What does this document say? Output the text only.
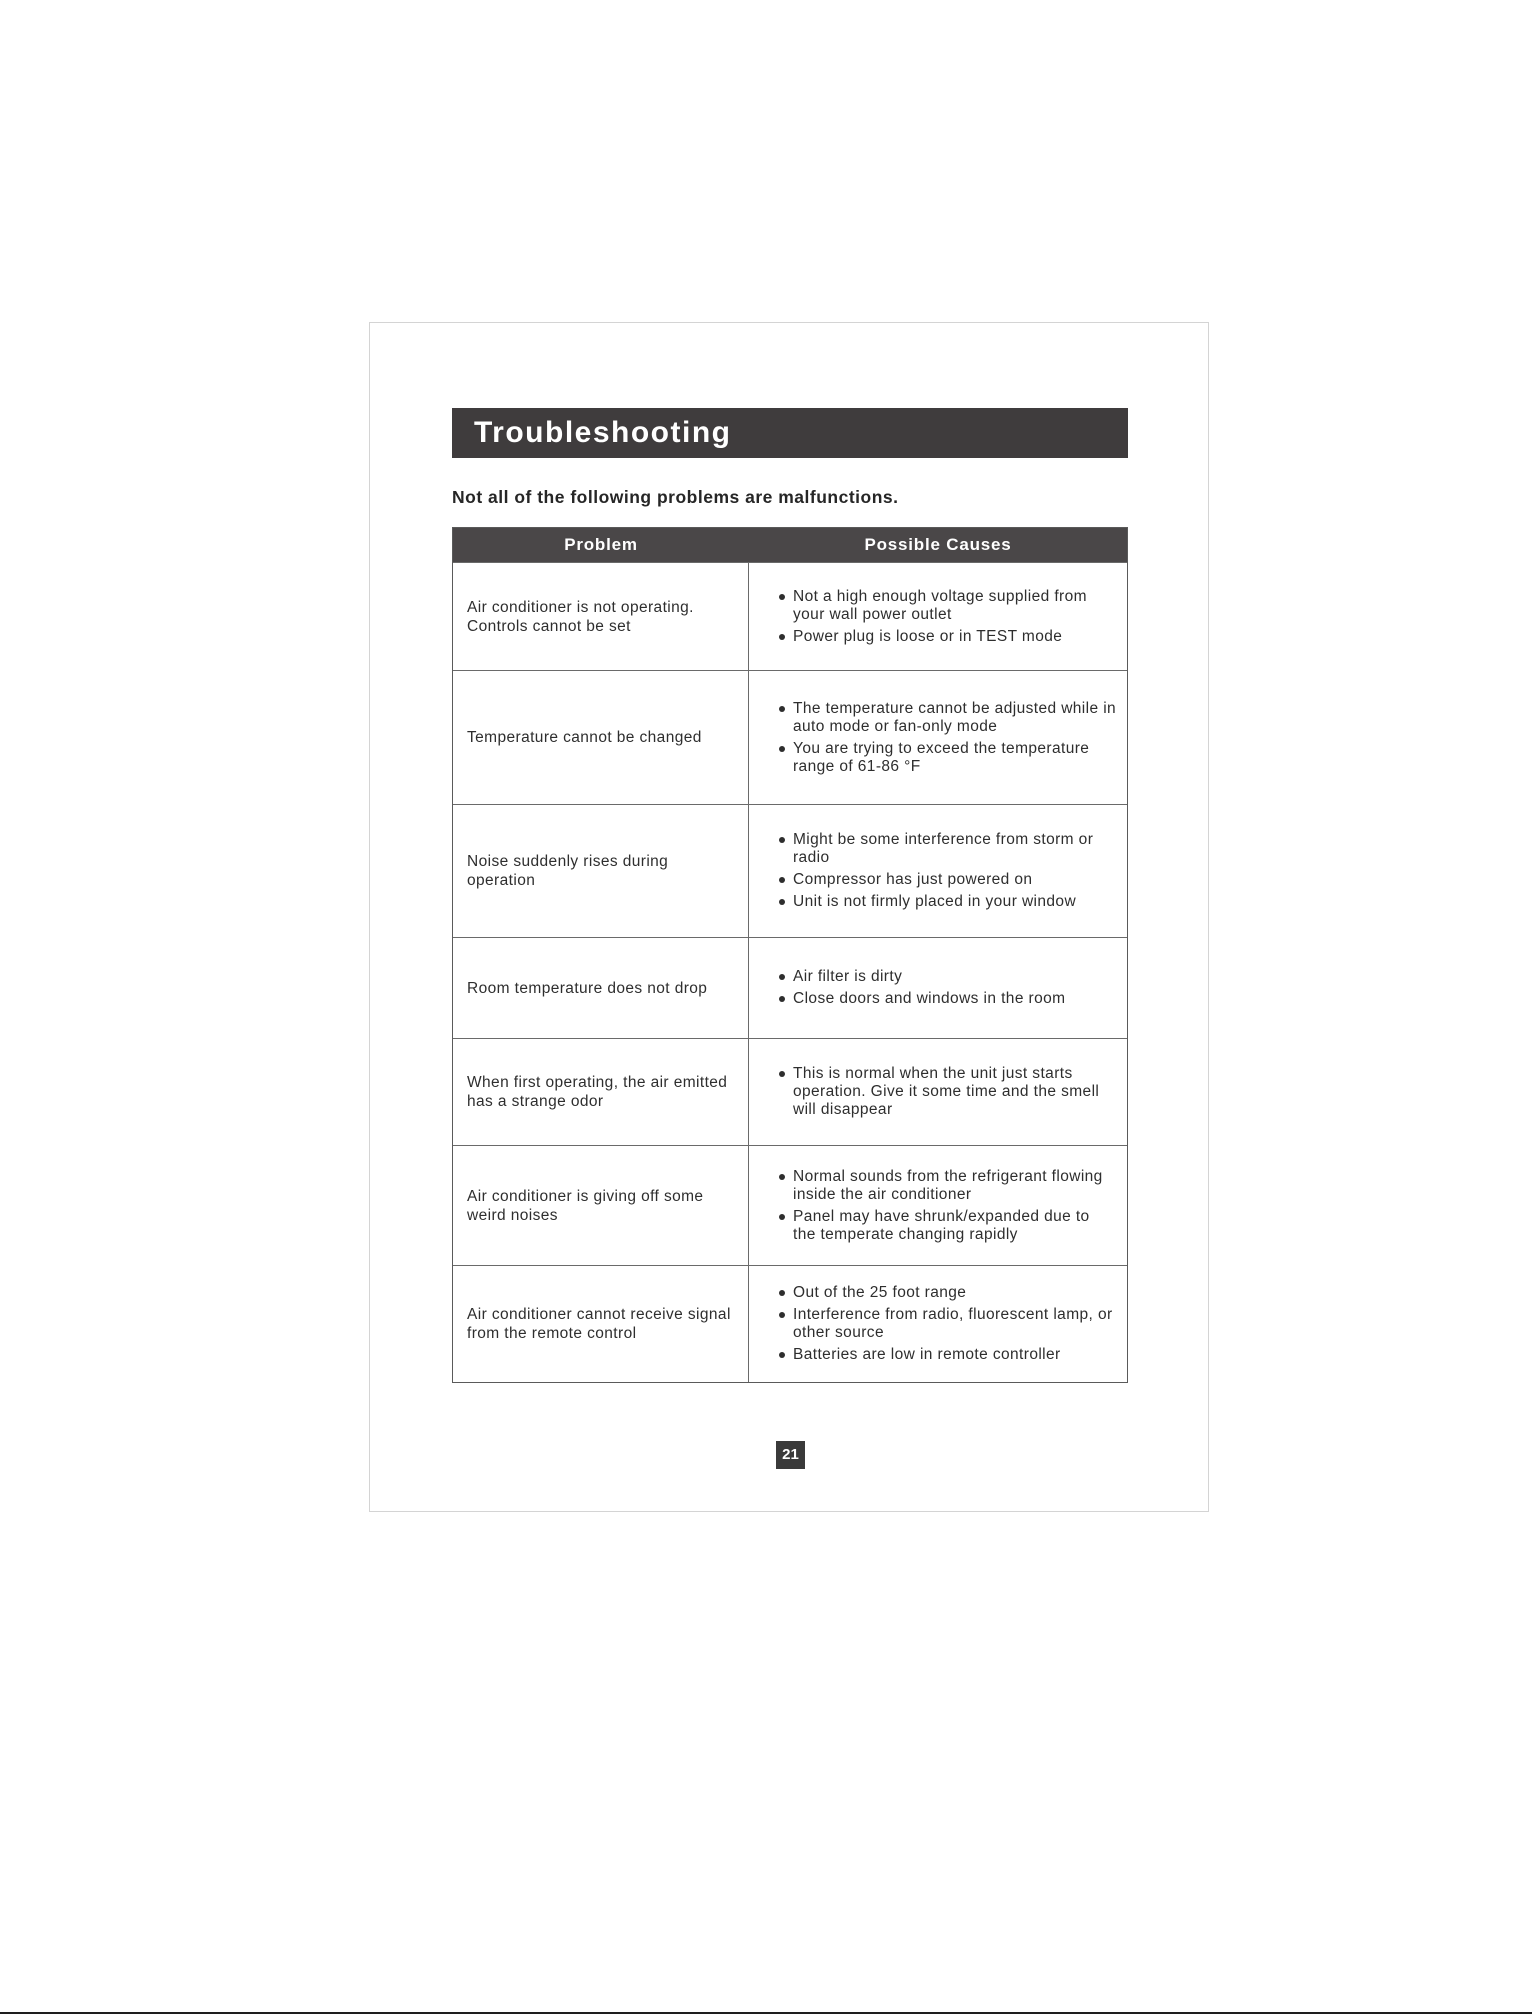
Troubleshooting
Not all of the following problems are malfunctions.
Problem	Possible Causes
Air conditioner is not operating. Controls cannot be set
Not a high enough voltage supplied from your wall power outlet
Power plug is loose or in TEST mode
Temperature cannot be changed
The temperature cannot be adjusted while in auto mode or fan-only mode
You are trying to exceed the temperature range of 61-86 °F
Noise suddenly rises during operation
Might be some interference from storm or radio
Compressor has just powered on
Unit is not firmly placed in your window
Room temperature does not drop
Air filter is dirty
Close doors and windows in the room
When first operating, the air emitted has a strange odor
This is normal when the unit just starts operation. Give it some time and the smell will disappear
Air conditioner is giving off some weird noises
Normal sounds from the refrigerant flowing inside the air conditioner
Panel may have shrunk/expanded due to the temperate changing rapidly
Air conditioner cannot receive signal from the remote control
Out of the 25 foot range
Interference from radio, fluorescent lamp, or other source
Batteries are low in remote controller
21
